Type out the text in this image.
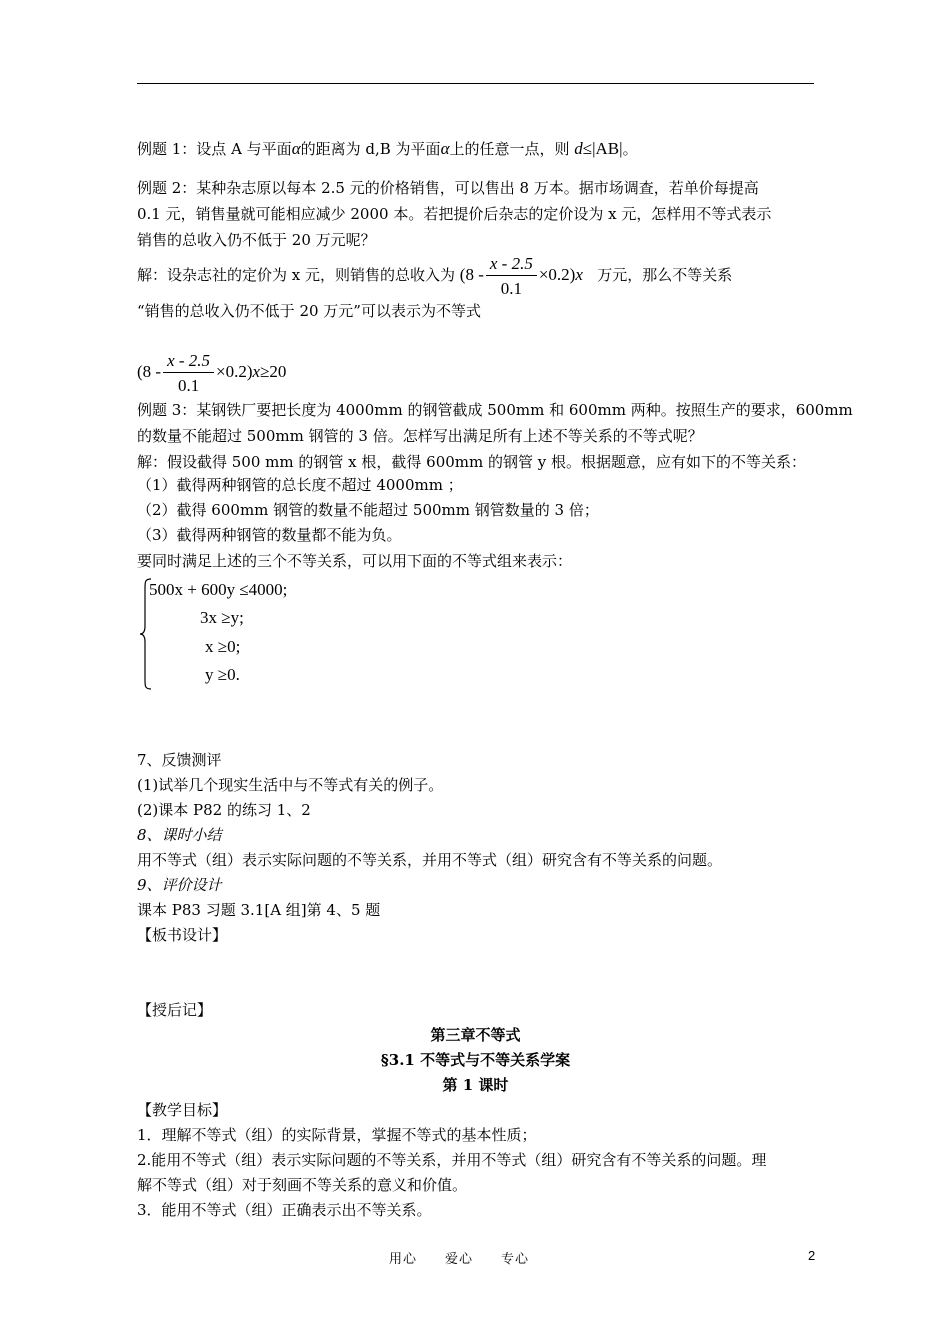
例题 1：设点 A 与平面α的距离为 d,B 为平面α上的任意一点，则 d≤|AB|。
例题 2：某种杂志原以每本 2.5 元的价格销售，可以售出 8 万本。据市场调查，若单价每提高
0.1 元，销售量就可能相应减少 2000 本。若把提价后杂志的定价设为 x 元，怎样用不等式表示
销售的总收入仍不低于 20 万元呢？
解：设杂志社的定价为 x 元，则销售的总收入为 $(8 - \frac{x - 2.5}{0.1} \times 0.2)x$ 万元，那么不等关系
“销售的总收入仍不低于 20 万元”可以表示为不等式
$(8 - \frac{x - 2.5}{0.1} \times 0.2)x\ge 20$
例题 3：某钢铁厂要把长度为 4000mm 的钢管截成 500mm 和 600mm 两种。按照生产的要求，600mm
的数量不能超过 500mm 钢管的 3 倍。怎样写出满足所有上述不等关系的不等式呢？
解：假设截得 500 mm 的钢管 x 根，截得 600mm 的钢管 y 根。根据题意，应有如下的不等关系：
（1）截得两种钢管的总长度不超过 4000mm ；
（2）截得 600mm 钢管的数量不能超过 500mm 钢管数量的 3 倍；
（3）截得两种钢管的数量都不能为负。
要同时满足上述的三个不等关系，可以用下面的不等式组来表示：
500x + 600y ≤4000;
3x ≥y;
x ≥0;
y ≥0.
7、反馈测评
(1)试举几个现实生活中与不等式有关的例子。
(2)课本 P82 的练习 1、2
8、课时小结
用不等式（组）表示实际问题的不等关系，并用不等式（组）研究含有不等关系的问题。
9、评价设计
课本 P83 习题 3.1[A 组]第 4、5 题
【板书设计】
【授后记】
第三章不等式
§3.1 不等式与不等关系学案
第 1 课时
【教学目标】
1．理解不等式（组）的实际背景，掌握不等式的基本性质；
2.能用不等式（组）表示实际问题的不等关系，并用不等式（组）研究含有不等关系的问题。理
解不等式（组）对于刻画不等关系的意义和价值。
3．能用不等式（组）正确表示出不等关系。
用心 爱心 专心	2
